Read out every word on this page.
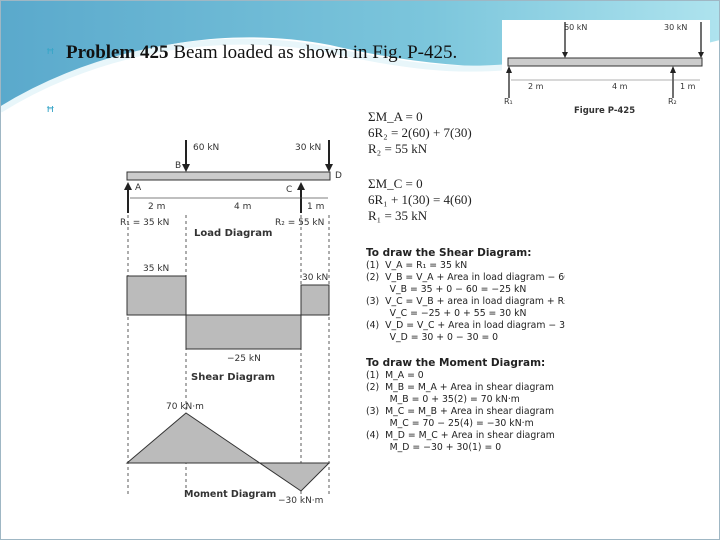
ꟸ Problem 425 Beam loaded as shown in Fig. P-425.
ꟸ
60 kN	30 kN
2 m	4 m	1 m
R₁	R₂
Figure P-425
60 kN	30 kN
B
A	C
D
2 m	4 m	1 m
R₁ = 35 kN	R₂ = 55 kN
Load Diagram
35 kN
−25 kN
30 kN
Shear Diagram
70 kN·m
−30 kN·m
Moment Diagram
ΣM_A = 0
6R₂ = 2(60) + 7(30)
R₂ = 55 kN
ΣM_C = 0
6R₁ + 1(30) = 4(60)
R₁ = 35 kN
To draw the Shear Diagram:
(1)  V_A = R₁ = 35 kN
(2)  V_B = V_A + Area in load diagram − 60 kN
V_B = 35 + 0 − 60 = −25 kN
(3)  V_C = V_B + area in load diagram + R₂
V_C = −25 + 0 + 55 = 30 kN
(4)  V_D = V_C + Area in load diagram − 30 kN
V_D = 30 + 0 − 30 = 0
To draw the Moment Diagram:
(1)  M_A = 0
(2)  M_B = M_A + Area in shear diagram
M_B = 0 + 35(2) = 70 kN·m
(3)  M_C = M_B + Area in shear diagram
M_C = 70 − 25(4) = −30 kN·m
(4)  M_D = M_C + Area in shear diagram
M_D = −30 + 30(1) = 0
